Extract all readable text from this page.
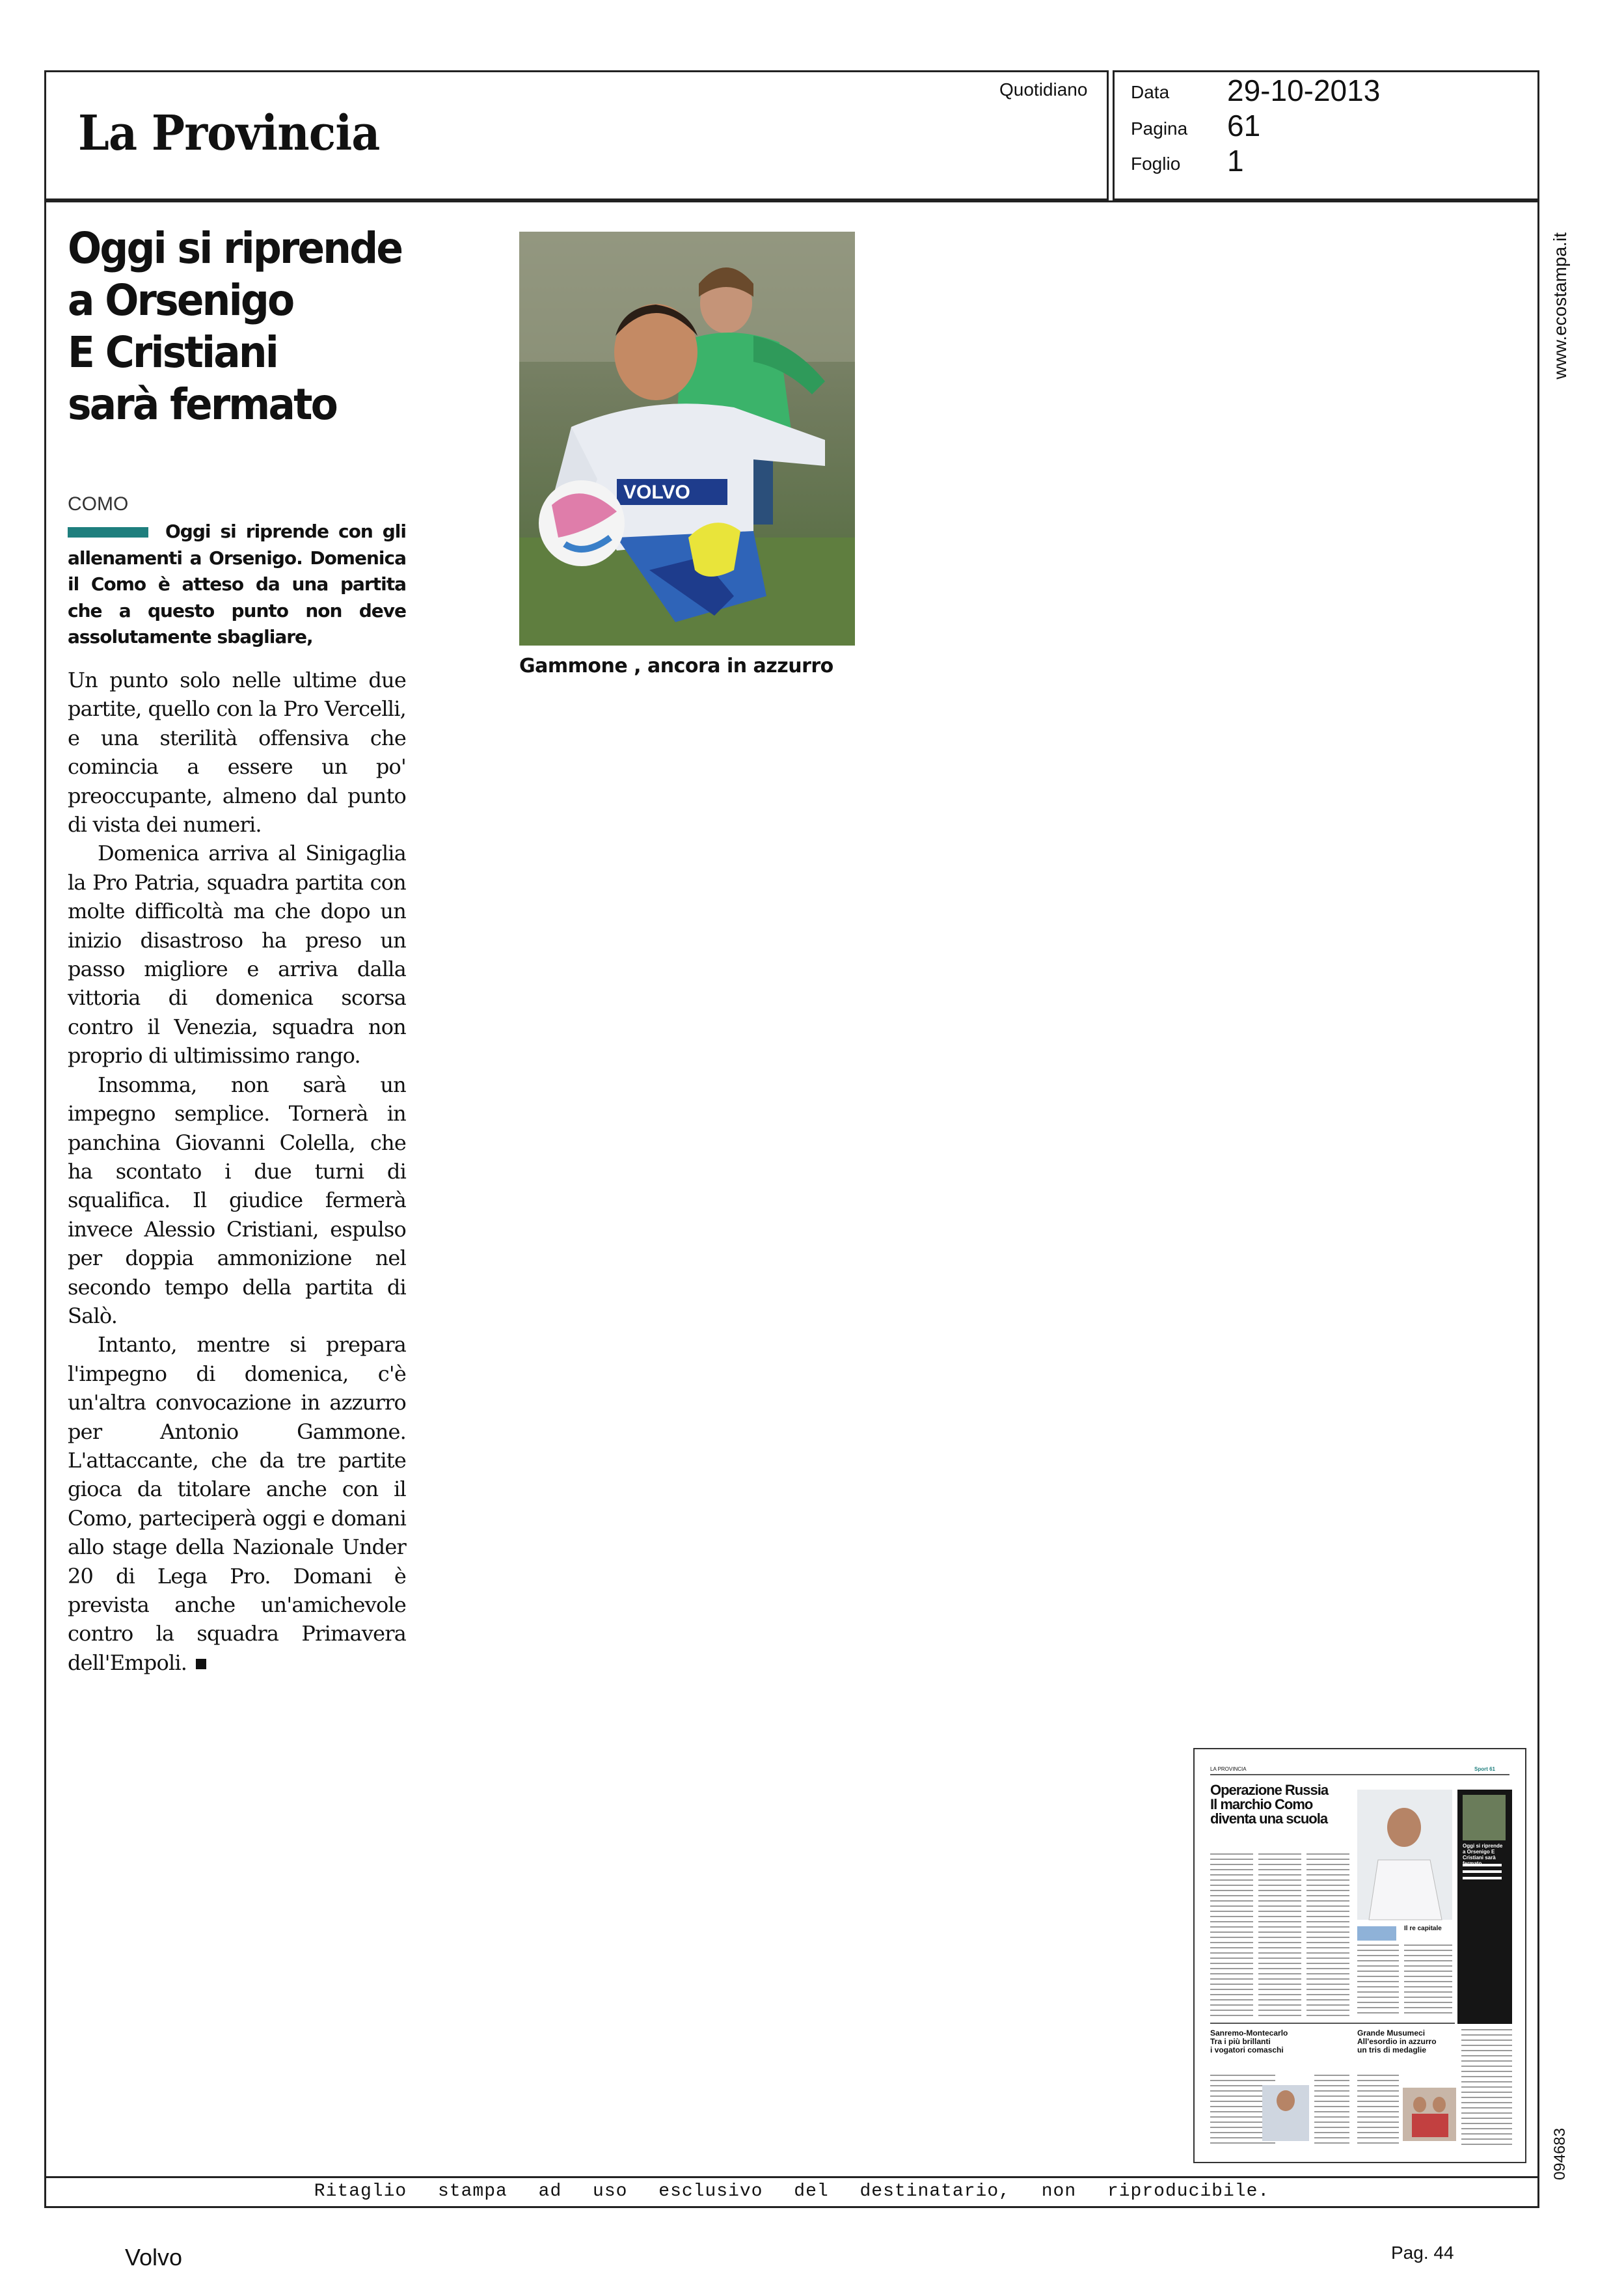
La Provincia
Quotidiano Data 29-10-2013
Pagina 61
Foglio 1
Oggi si riprende
a Orsenigo
E Cristiani
sarà fermato
COMO
Oggi si riprende con gli allenamenti a Orsenigo. Domenica il Como è atteso da una partita che a questo punto non deve assolutamente sbagliare,

Un punto solo nelle ultime due partite, quello con la Pro Vercelli, e una sterilità offensiva che comincia a essere un po' preoccupante, almeno dal punto di vista dei numeri.

Domenica arriva al Sinigaglia la Pro Patria, squadra partita con molte difficoltà ma che dopo un inizio disastroso ha preso un passo migliore e arriva dalla vittoria di domenica scorsa contro il Venezia, squadra non proprio di ultimissimo rango.

Insomma, non sarà un impegno semplice. Tornerà in panchina Giovanni Colella, che ha scontato i due turni di squalifica. Il giudice fermerà invece Alessio Cristiani, espulso per doppia ammonizione nel secondo tempo della partita di Salò.

Intanto, mentre si prepara l'impegno di domenica, c'è un'altra convocazione in azzurro per Antonio Gammone. L'attaccante, che da tre partite gioca da titolare anche con il Como, parteciperà oggi e domani allo stage della Nazionale Under 20 di Lega Pro. Domani è prevista anche un'amichevole contro la squadra Primavera dell'Empoli.

VOLVO
Gammone , ancora in azzurro
www.ecostampa.it
094683
LA PROVINCIA	Sport 61
Operazione Russia
Il marchio Como
diventa una scuola
Oggi si riprende a Orsenigo E Cristiani sarà fermato
Il re capitale
Sanremo-Montecarlo
Tra i più brillanti
i vogatori comaschi
Grande Musumeci
All'esordio in azzurro
un tris di medaglie
Ritaglio stampa ad uso esclusivo del destinatario, non riproducibile.
Volvo	Pag. 44
